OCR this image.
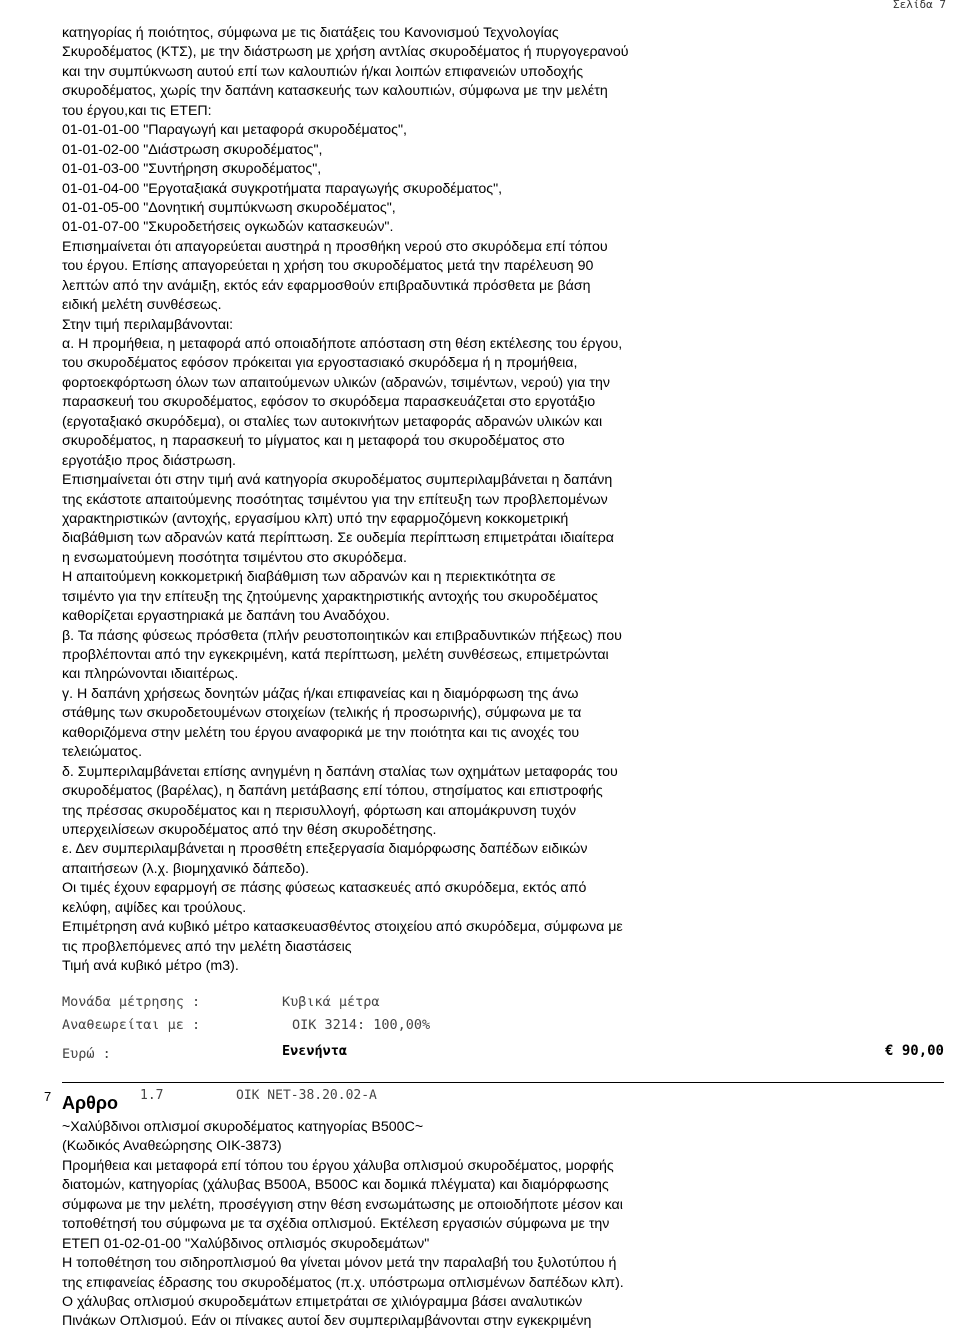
Σελίδα 7
κατηγορίας ή ποιότητος, σύμφωνα με τις διατάξεις του Κανονισμού Τεχνολογίας
Σκυροδέματος (ΚΤΣ), με την διάστρωση με χρήση αντλίας σκυροδέματος ή πυργογερανού
και την συμπύκνωση αυτού επί των καλουπιών ή/και λοιπών επιφανειών υποδοχής
σκυροδέματος, χωρίς την δαπάνη κατασκευής των καλουπιών, σύμφωνα με την μελέτη
του έργου,και τις ΕΤΕΠ:
01-01-01-00 "Παραγωγή και μεταφορά σκυροδέματος",
01-01-02-00 "Διάστρωση σκυροδέματος",
01-01-03-00 "Συντήρηση σκυροδέματος",
01-01-04-00 "Εργοταξιακά συγκροτήματα παραγωγής σκυροδέματος",
01-01-05-00 "Δονητική συμπύκνωση σκυροδέματος",
01-01-07-00 "Σκυροδετήσεις ογκωδών κατασκευών".
Επισημαίνεται ότι απαγορεύεται αυστηρά η προσθήκη νερού στο σκυρόδεμα επί τόπου
του έργου. Επίσης απαγορεύεται η χρήση του σκυροδέματος μετά την παρέλευση 90
λεπτών από την ανάμιξη, εκτός εάν εφαρμοσθούν επιβραδυντικά πρόσθετα με βάση
ειδική μελέτη συνθέσεως.
Στην τιμή περιλαμβάνονται:
α. Η προμήθεια, η μεταφορά από οποιαδήποτε απόσταση στη θέση εκτέλεσης του έργου,
του σκυροδέματος εφόσον πρόκειται για εργοστασιακό σκυρόδεμα ή η προμήθεια,
φορτοεκφόρτωση όλων των απαιτούμενων υλικών (αδρανών, τσιμέντων, νερού) για την
παρασκευή του σκυροδέματος, εφόσον το σκυρόδεμα παρασκευάζεται στο εργοτάξιο
(εργοταξιακό σκυρόδεμα), οι σταλίες των αυτοκινήτων μεταφοράς αδρανών υλικών και
σκυροδέματος, η παρασκευή το μίγματος και η μεταφορά του σκυροδέματος στο
εργοτάξιο προς διάστρωση.
Επισημαίνεται ότι στην τιμή ανά κατηγορία σκυροδέματος συμπεριλαμβάνεται η δαπάνη
της εκάστοτε απαιτούμενης ποσότητας τσιμέντου για την επίτευξη των προβλεπομένων
χαρακτηριστικών (αντοχής, εργασίμου κλπ) υπό την εφαρμοζόμενη κοκκομετρική
διαβάθμιση των αδρανών κατά περίπτωση. Σε ουδεμία περίπτωση επιμετράται ιδιαίτερα
η ενσωματούμενη ποσότητα τσιμέντου στο σκυρόδεμα.
Η απαιτούμενη κοκκομετρική διαβάθμιση των αδρανών και η περιεκτικότητα σε
τσιμέντο για την επίτευξη της ζητούμενης χαρακτηριστικής αντοχής του σκυροδέματος
καθορίζεται εργαστηριακά με δαπάνη του Αναδόχου.
β. Τα πάσης φύσεως πρόσθετα (πλήν ρευστοποιητικών και επιβραδυντικών πήξεως) που
προβλέπονται από την εγκεκριμένη, κατά περίπτωση, μελέτη συνθέσεως, επιμετρώνται
και πληρώνονται ιδιαιτέρως.
γ. Η δαπάνη χρήσεως δονητών μάζας ή/και επιφανείας και η διαμόρφωση της άνω
στάθμης των σκυροδετουμένων στοιχείων (τελικής ή προσωρινής), σύμφωνα με τα
καθοριζόμενα στην μελέτη του έργου αναφορικά με την ποιότητα και τις ανοχές του
τελειώματος.
δ. Συμπεριλαμβάνεται επίσης ανηγμένη η δαπάνη σταλίας των οχημάτων μεταφοράς του
σκυροδέματος (βαρέλας), η δαπάνη μετάβασης επί τόπου, στησίματος και επιστροφής
της πρέσσας σκυροδέματος και η περισυλλογή, φόρτωση και απομάκρυνση τυχόν
υπερχειλίσεων σκυροδέματος από την θέση σκυροδέτησης.
ε. Δεν συμπεριλαμβάνεται η προσθέτη επεξεργασία διαμόρφωσης δαπέδων ειδικών
απαιτήσεων (λ.χ. βιομηχανικό δάπεδο).
Οι τιμές έχουν εφαρμογή σε πάσης φύσεως κατασκευές από σκυρόδεμα, εκτός από
κελύφη, αψίδες και τρούλους.
Επιμέτρηση ανά κυβικό μέτρο κατασκευασθέντος στοιχείου από σκυρόδεμα, σύμφωνα με
τις προβλεπόμενες από την μελέτη διαστάσεις
Τιμή ανά κυβικό μέτρο (m3).
Μονάδα μέτρησης :	Κυβικά μέτρα
Αναθεωρείται με :	ΟΙΚ 3214: 100,00%
Ευρώ :	Ενενήντα	€ 90,00
7 Αρθρο 1.7	ΟΙΚ ΝΕΤ-38.20.02-Α
~Χαλύβδινοι οπλισμοί σκυροδέματος κατηγορίας Β500C~
(Κωδικός Αναθεώρησης ΟΙΚ-3873)
Προμήθεια και μεταφορά επί τόπου του έργου χάλυβα οπλισμού σκυροδέματος, μορφής
διατομών, κατηγορίας (χάλυβας Β500Α, Β500C και δομικά πλέγματα) και διαμόρφωσης
σύμφωνα με την μελέτη, προσέγγιση στην θέση ενσωμάτωσης με οποιοδήποτε μέσον και
τοποθέτησή του σύμφωνα με τα σχέδια οπλισμού. Εκτέλεση εργασιών σύμφωνα με την
ΕΤΕΠ 01-02-01-00 "Χαλύβδινος οπλισμός σκυροδεμάτων"
Η τοποθέτηση του σιδηροπλισμού θα γίνεται μόνον μετά την παραλαβή του ξυλοτύπου ή
της επιφανείας έδρασης του σκυροδέματος (π.χ. υπόστρωμα οπλισμένων δαπέδων κλπ).
Ο χάλυβας οπλισμού σκυροδεμάτων επιμετράται σε χιλιόγραμμα βάσει αναλυτικών
Πινάκων Οπλισμού. Εάν οι πίνακες αυτοί δεν συμπεριλαμβάνονται στην εγκεκριμένη
